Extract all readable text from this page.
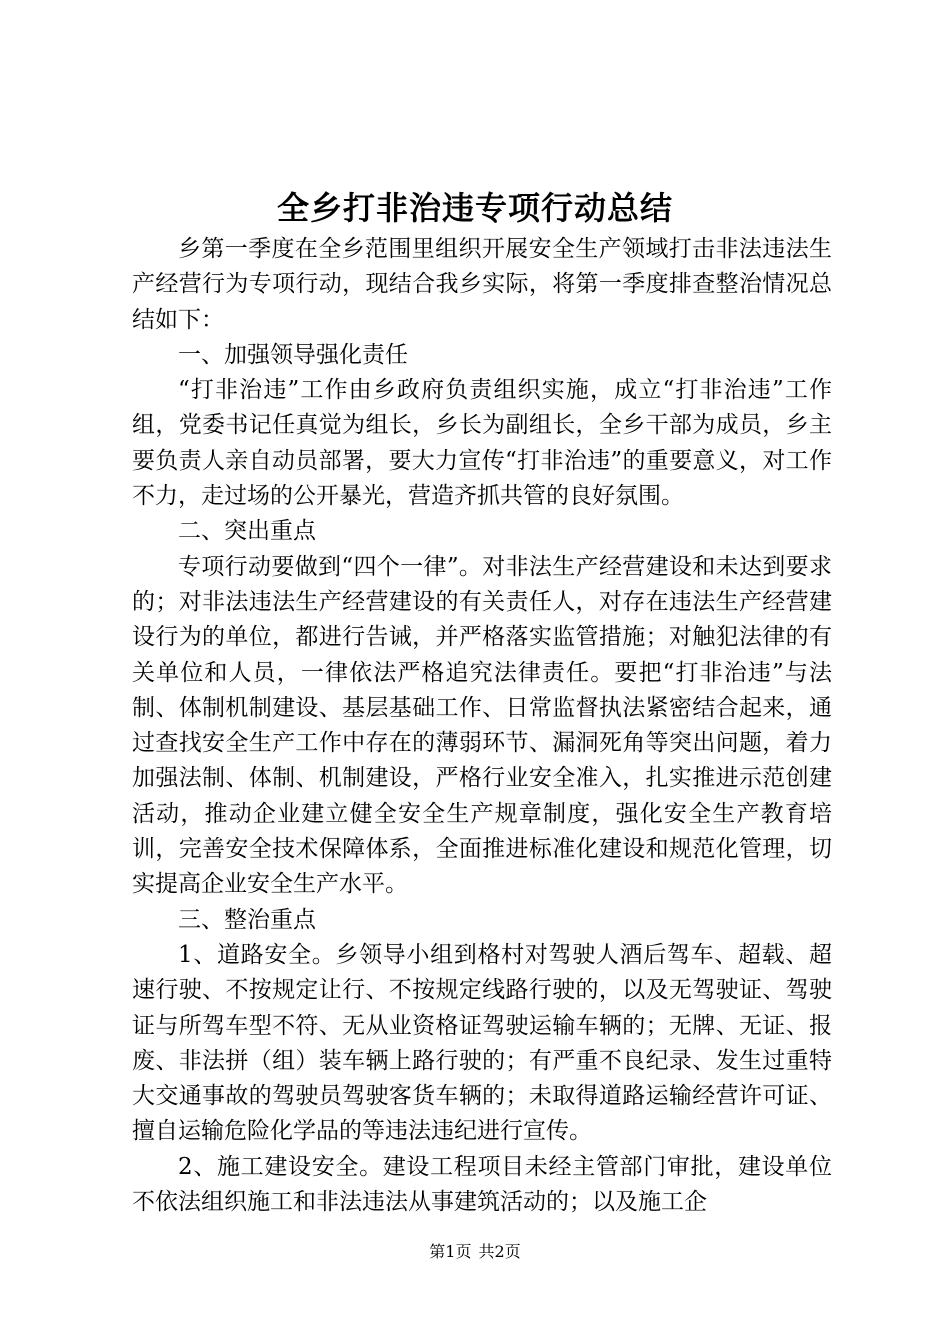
全乡打非治违专项行动总结

乡第一季度在全乡范围里组织开展安全生产领域打击非法违法生产经营行为专项行动，现结合我乡实际，将第一季度排查整治情况总结如下：

一、加强领导强化责任

“打非治违”工作由乡政府负责组织实施，成立“打非治违”工作组，党委书记任真觉为组长，乡长为副组长，全乡干部为成员，乡主要负责人亲自动员部署，要大力宣传“打非治违”的重要意义，对工作不力，走过场的公开暴光，营造齐抓共管的良好氛围。

二、突出重点

专项行动要做到“四个一律”。对非法生产经营建设和未达到要求的；对非法违法生产经营建设的有关责任人，对存在违法生产经营建设行为的单位，都进行告诫，并严格落实监管措施；对触犯法律的有关单位和人员，一律依法严格追究法律责任。要把“打非治违”与法制、体制机制建设、基层基础工作、日常监督执法紧密结合起来，通过查找安全生产工作中存在的薄弱环节、漏洞死角等突出问题，着力加强法制、体制、机制建设，严格行业安全准入，扎实推进示范创建活动，推动企业建立健全安全生产规章制度，强化安全生产教育培训，完善安全技术保障体系，全面推进标准化建设和规范化管理，切实提高企业安全生产水平。

三、整治重点

1、道路安全。乡领导小组到格村对驾驶人酒后驾车、超载、超速行驶、不按规定让行、不按规定线路行驶的，以及无驾驶证、驾驶证与所驾车型不符、无从业资格证驾驶运输车辆的；无牌、无证、报废、非法拼（组）装车辆上路行驶的；有严重不良纪录、发生过重特大交通事故的驾驶员驾驶客货车辆的；未取得道路运输经营许可证、擅自运输危险化学品的等违法违纪进行宣传。

2、施工建设安全。建设工程项目未经主管部门审批，建设单位不依法组织施工和非法违法从事建筑活动的；以及施工企

第1页 共2页
